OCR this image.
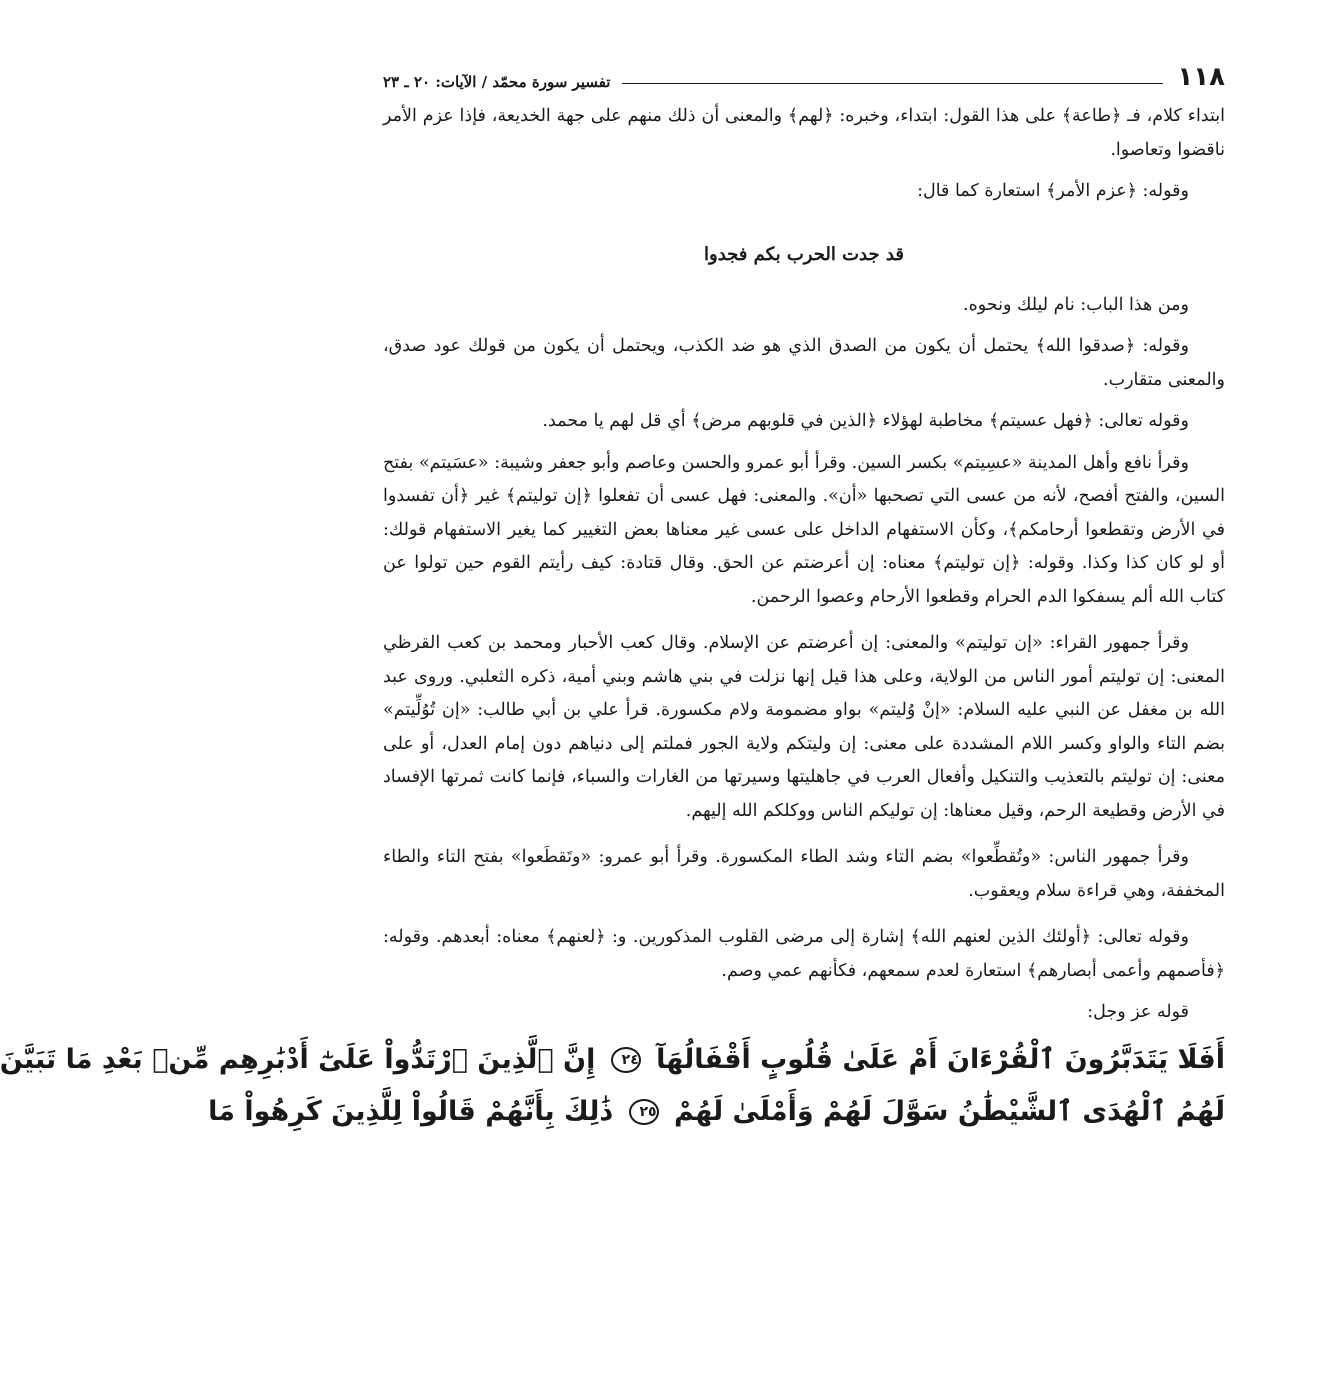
١١٨
تفسير سورة محمّد / الآيات: ٢٠ ـ ٢٣

ابتداء كلام، فـ ﴿طاعة﴾ على هذا القول: ابتداء، وخبره: ﴿لهم﴾ والمعنى أن ذلك منهم على جهة الخديعة، فإذا عزم الأمر ناقضوا وتعاصوا.

وقوله: ﴿عزم الأمر﴾ استعارة كما قال:

قد جدت الحرب بكم فجدوا

ومن هذا الباب: نام ليلك ونحوه.

وقوله: ﴿صدقوا الله﴾ يحتمل أن يكون من الصدق الذي هو ضد الكذب، ويحتمل أن يكون من قولك عود صدق، والمعنى متقارب.

وقوله تعالى: ﴿فهل عسيتم﴾ مخاطبة لهؤلاء ﴿الذين في قلوبهم مرض﴾ أي قل لهم يا محمد.

وقرأ نافع وأهل المدينة «عسِيتم» بكسر السين. وقرأ أبو عمرو والحسن وعاصم وأبو جعفر وشيبة: «عسَيتم» بفتح السين، والفتح أفصح، لأنه من عسى التي تصحبها «أن». والمعنى: فهل عسى أن تفعلوا ﴿إن توليتم﴾ غير ﴿أن تفسدوا في الأرض وتقطعوا أرحامكم﴾، وكأن الاستفهام الداخل على عسى غير معناها بعض التغيير كما يغير الاستفهام قولك: أو لو كان كذا وكذا. وقوله: ﴿إن توليتم﴾ معناه: إن أعرضتم عن الحق. وقال قتادة: كيف رأيتم القوم حين تولوا عن كتاب الله ألم يسفكوا الدم الحرام وقطعوا الأرحام وعصوا الرحمن.

وقرأ جمهور القراء: «إن توليتم» والمعنى: إن أعرضتم عن الإسلام. وقال كعب الأحبار ومحمد بن كعب القرظي المعنى: إن توليتم أمور الناس من الولاية، وعلى هذا قيل إنها نزلت في بني هاشم وبني أمية، ذكره الثعلبي. وروى عبد الله بن مغفل عن النبي عليه السلام: «إنْ وُليتم» بواو مضمومة ولام مكسورة. قرأ علي بن أبي طالب: «إن تُوُلِّيتم» بضم التاء والواو وكسر اللام المشددة على معنى: إن وليتكم ولاية الجور فملتم إلى دنياهم دون إمام العدل، أو على معنى: إن توليتم بالتعذيب والتنكيل وأفعال العرب في جاهليتها وسيرتها من الغارات والسباء، فإنما كانت ثمرتها الإفساد في الأرض وقطيعة الرحم، وقيل معناها: إن توليكم الناس ووكلكم الله إليهم.

وقرأ جمهور الناس: «وتُقطِّعوا» بضم التاء وشد الطاء المكسورة. وقرأ أبو عمرو: «وتَقطَعوا» بفتح التاء والطاء المخففة، وهي قراءة سلام ويعقوب.

وقوله تعالى: ﴿أولئك الذين لعنهم الله﴾ إشارة إلى مرضى القلوب المذكورين. و: ﴿لعنهم﴾ معناه: أبعدهم. وقوله: ﴿فأصمهم وأعمى أبصارهم﴾ استعارة لعدم سمعهم، فكأنهم عمي وصم.

قوله عز وجل:

أَفَلَا يَتَدَبَّرُونَ ٱلْقُرْءَانَ أَمْ عَلَىٰ قُلُوبٍ أَقْفَالُهَآ ٢٤ إِنَّ ٱلَّذِينَ ٱرْتَدُّواْ عَلَىٰٓ أَدْبَٰرِهِم مِّنۢ بَعْدِ مَا تَبَيَّنَ
لَهُمُ ٱلْهُدَى ٱلشَّيْطَٰنُ سَوَّلَ لَهُمْ وَأَمْلَىٰ لَهُمْ ٢٥ ذَٰلِكَ بِأَنَّهُمْ قَالُواْ لِلَّذِينَ كَرِهُواْ مَا
